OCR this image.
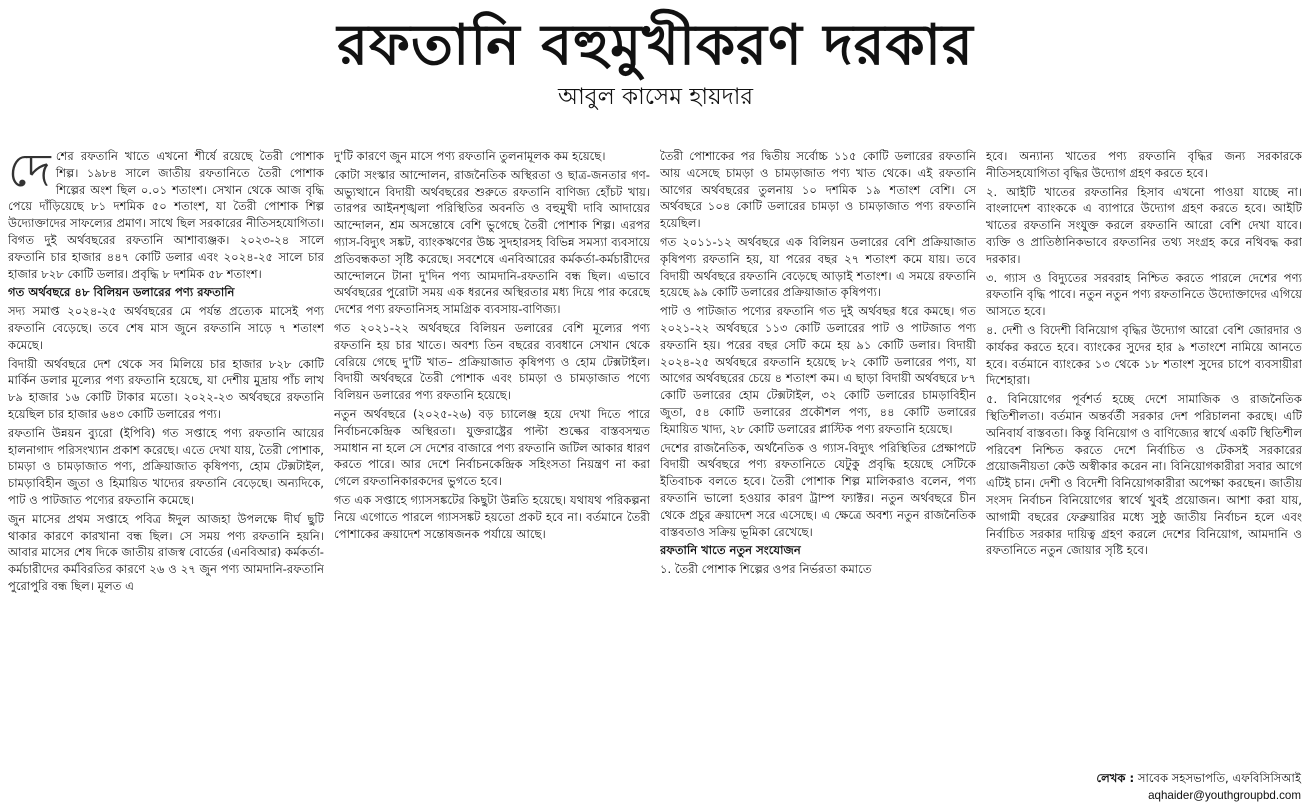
রফতানি বহুমুখীকরণ দরকার
আবুল কাসেম হায়দার
দে শের রফতানি খাতে এখনো শীর্ষে রয়েছে তৈরী পোশাক শিল্প। ১৯৮৪ সালে জাতীয় রফতানিতে তৈরী পোশাক শিল্পের অংশ ছিল ০.০১ শতাংশ। সেখান থেকে আজ বৃদ্ধি পেয়ে দাঁড়িয়েছে ৮১ দশমিক ৫০ শতাংশ, যা তৈরী পোশাক শিল্প উদ্যোক্তাদের সাফল্যের প্রমাণ। সাথে ছিল সরকারের নীতিসহযোগিতা। বিগত দুই অর্থবছরের রফতানি আশাব্যঞ্জক। ২০২৩-২৪ সালে রফতানি চার হাজার ৪৪৭ কোটি ডলার এবং ২০২৪-২৫ সালে চার হাজার ৮২৮ কোটি ডলার। প্রবৃদ্ধি ৮ দশমিক ৫৮ শতাংশ।

গত অর্থবছরে ৪৮ বিলিয়ন ডলারের পণ্য রফতানি

সদ্য সমাপ্ত ২০২৪-২৫ অর্থবছরের মে পর্যন্ত প্রত্যেক মাসেই পণ্য রফতানি বেড়েছে। তবে শেষ মাস জুনে রফতানি সাড়ে ৭ শতাংশ কমেছে।

বিদায়ী অর্থবছরে দেশ থেকে সব মিলিয়ে চার হাজার ৮২৮ কোটি মার্কিন ডলার মূল্যের পণ্য রফতানি হয়েছে, যা দেশীয় মুদ্রায় পাঁচ লাখ ৮৯ হাজার ১৬ কোটি টাকার মতো। ২০২২-২৩ অর্থবছরে রফতানি হয়েছিল চার হাজার ৬৪৩ কোটি ডলারের পণ্য।

রফতানি উন্নয়ন ব্যুরো (ইপিবি) গত সপ্তাহে পণ্য রফতানি আয়ের হালনাগাদ পরিসংখ্যান প্রকাশ করেছে। এতে দেখা যায়, তৈরী পোশাক, চামড়া ও চামড়াজাত পণ্য, প্রক্রিয়াজাত কৃষিপণ্য, হোম টেক্সটাইল, চামড়াবিহীন জুতা ও হিমায়িত খাদ্যের রফতানি বেড়েছে। অন্যদিকে, পাট ও পাটজাত পণ্যের রফতানি কমেছে।

জুন মাসের প্রথম সপ্তাহে পবিত্র ঈদুল আজহা উপলক্ষে দীর্ঘ ছুটি থাকার কারণে কারখানা বন্ধ ছিল। সে সময় পণ্য রফতানি হয়নি। আবার মাসের শেষ দিকে জাতীয় রাজস্ব বোর্ডের (এনবিআর) কর্মকর্তা-কর্মচারীদের কর্মবিরতির কারণে ২৬ ও ২৭ জুন পণ্য আমদানি-রফতানি পুরোপুরি বন্ধ ছিল। মূলত এ

দু'টি কারণে জুন মাসে পণ্য রফতানি তুলনামূলক কম হয়েছে।

কোটা সংস্কার আন্দোলন, রাজনৈতিক অস্থিরতা ও ছাত্র-জনতার গণ-অভ্যুত্থানে বিদায়ী অর্থবছরের শুরুতে রফতানি বাণিজ্য হোঁচট খায়। তারপর আইনশৃঙ্খলা পরিস্থিতির অবনতি ও বহুমুখী দাবি আদায়ের আন্দোলন, শ্রম অসন্তোষে বেশি ভুগেছে তৈরী পোশাক শিল্প। এরপর গ্যাস-বিদ্যুৎ সঙ্কট, ব্যাংকঋণের উচ্চ সুদহারসহ বিভিন্ন সমস্যা ব্যবসায়ে প্রতিবন্ধকতা সৃষ্টি করেছে। সবশেষে এনবিআরের কর্মকর্তা-কর্মচারীদের আন্দোলনে টানা দু'দিন পণ্য আমদানি-রফতানি বন্ধ ছিল। এভাবে অর্থবছরের পুরোটা সময় এক ধরনের অস্থিরতার মধ্য দিয়ে পার করেছে দেশের পণ্য রফতানিসহ সামগ্রিক ব্যবসায়-বাণিজ্য।

গত ২০২১-২২ অর্থবছরে বিলিয়ন ডলারের বেশি মূল্যের পণ্য রফতানি হয় চার খাতে। অবশ্য তিন বছরের ব্যবধানে সেখান থেকে বেরিয়ে গেছে দু'টি খাত– প্রক্রিয়াজাত কৃষিপণ্য ও হোম টেক্সটাইল। বিদায়ী অর্থবছরে তৈরী পোশাক এবং চামড়া ও চামড়াজাত পণ্যে বিলিয়ন ডলারের পণ্য রফতানি হয়েছে।

নতুন অর্থবছরে (২০২৫-২৬) বড় চ্যালেঞ্জ হয়ে দেখা দিতে পারে নির্বাচনকেন্দ্রিক অস্থিরতা। যুক্তরাষ্ট্রের পাল্টা শুল্কের বাস্তবসম্মত সমাধান না হলে সে দেশের বাজারে পণ্য রফতানি জটিল আকার ধারণ করতে পারে। আর দেশে নির্বাচনকেন্দ্রিক সহিংসতা নিয়ন্ত্রণ না করা গেলে রফতানিকারকদের ভুগতে হবে।

গত এক সপ্তাহে গ্যাসসঙ্কটের কিছুটা উন্নতি হয়েছে। যথাযথ পরিকল্পনা নিয়ে এগোতে পারলে গ্যাসসঙ্কট হয়তো প্রকট হবে না। বর্তমানে তৈরী পোশাকের ক্রয়াদেশ সন্তোষজনক পর্যায়ে আছে।

তৈরী পোশাকের পর দ্বিতীয় সর্বোচ্চ ১১৫ কোটি ডলারের রফতানি আয় এসেছে চামড়া ও চামড়াজাত পণ্য খাত থেকে। এই রফতানি আগের অর্থবছরের তুলনায় ১০ দশমিক ১৯ শতাংশ বেশি। সে অর্থবছরে ১০৪ কোটি ডলারের চামড়া ও চামড়াজাত পণ্য রফতানি হয়েছিল।

গত ২০১১-১২ অর্থবছরে এক বিলিয়ন ডলারের বেশি প্রক্রিয়াজাত কৃষিপণ্য রফতানি হয়, যা পরের বছর ২৭ শতাংশ কমে যায়। তবে বিদায়ী অর্থবছরে রফতানি বেড়েছে আড়াই শতাংশ। এ সময়ে রফতানি হয়েছে ৯৯ কোটি ডলারের প্রক্রিয়াজাত কৃষিপণ্য।

পাট ও পাটজাত পণ্যের রফতানি গত দুই অর্থবছর ধরে কমছে। গত ২০২১-২২ অর্থবছরে ১১৩ কোটি ডলারের পাট ও পাটজাত পণ্য রফতানি হয়। পরের বছর সেটি কমে হয় ৯১ কোটি ডলার। বিদায়ী ২০২৪-২৫ অর্থবছরে রফতানি হয়েছে ৮২ কোটি ডলারের পণ্য, যা আগের অর্থবছরের চেয়ে ৪ শতাংশ কম। এ ছাড়া বিদায়ী অর্থবছরে ৮৭ কোটি ডলারের হোম টেক্সটাইল, ৩২ কোটি ডলারের চামড়াবিহীন জুতা, ৫৪ কোটি ডলারের প্রকৌশল পণ্য, ৪৪ কোটি ডলারের হিমায়িত খাদ্য, ২৮ কোটি ডলারের প্লাস্টিক পণ্য রফতানি হয়েছে।

দেশের রাজনৈতিক, অর্থনৈতিক ও গ্যাস-বিদ্যুৎ পরিস্থিতির প্রেক্ষাপটে বিদায়ী অর্থবছরে পণ্য রফতানিতে যেটুকু প্রবৃদ্ধি হয়েছে সেটিকে ইতিবাচক বলতে হবে। তৈরী পোশাক শিল্প মালিকরাও বলেন, পণ্য রফতানি ভালো হওয়ার কারণ ট্রাম্প ফ্যাক্টর। নতুন অর্থবছরে চীন থেকে প্রচুর ক্রয়াদেশ সরে এসেছে। এ ক্ষেত্রে অবশ্য নতুন রাজনৈতিক বাস্তবতাও সক্রিয় ভূমিকা রেখেছে।

রফতানি খাতে নতুন সংযোজন

১. তৈরী পোশাক শিল্পের ওপর নির্ভরতা কমাতে

হবে। অন্যান্য খাতের পণ্য রফতানি বৃদ্ধির জন্য সরকারকে নীতিসহযোগিতা বৃদ্ধির উদ্যোগ গ্রহণ করতে হবে।

২. আইটি খাতের রফতানির হিসাব এখনো পাওয়া যাচ্ছে না। বাংলাদেশ ব্যাংককে এ ব্যাপারে উদ্যোগ গ্রহণ করতে হবে। আইটি খাতের রফতানি সংযুক্ত করলে রফতানি আরো বেশি দেখা যাবে। ব্যক্তি ও প্রাতিষ্ঠানিকভাবে রফতানির তথ্য সংগ্রহ করে নথিবদ্ধ করা দরকার।

৩. গ্যাস ও বিদ্যুতের সরবরাহ নিশ্চিত করতে পারলে দেশের পণ্য রফতানি বৃদ্ধি পাবে। নতুন নতুন পণ্য রফতানিতে উদ্যোক্তাদের এগিয়ে আসতে হবে।

৪. দেশী ও বিদেশী বিনিয়োগ বৃদ্ধির উদ্যোগ আরো বেশি জোরদার ও কার্যকর করতে হবে। ব্যাংকের সুদের হার ৯ শতাংশে নামিয়ে আনতে হবে। বর্তমানে ব্যাংকের ১৩ থেকে ১৮ শতাংশ সুদের চাপে ব্যবসায়ীরা দিশেহারা।

৫. বিনিয়োগের পূর্বশর্ত হচ্ছে দেশে সামাজিক ও রাজনৈতিক স্থিতিশীলতা। বর্তমান অন্তর্বর্তী সরকার দেশ পরিচালনা করছে। এটি অনিবার্য বাস্তবতা। কিন্তু বিনিয়োগ ও বাণিজ্যের স্বার্থে একটি স্থিতিশীল পরিবেশ নিশ্চিত করতে দেশে নির্বাচিত ও টেকসই সরকারের প্রয়োজনীয়তা কেউ অস্বীকার করেন না। বিনিয়োগকারীরা সবার আগে এটিই চান। দেশী ও বিদেশী বিনিয়োগকারীরা অপেক্ষা করছেন। জাতীয় সংসদ নির্বাচন বিনিয়োগের স্বার্থে খুবই প্রয়োজন। আশা করা যায়, আগামী বছরের ফেব্রুয়ারির মধ্যে সুষ্ঠু জাতীয় নির্বাচন হলে এবং নির্বাচিত সরকার দায়িত্ব গ্রহণ করলে দেশের বিনিয়োগ, আমদানি ও রফতানিতে নতুন জোয়ার সৃষ্টি হবে।

লেখক : সাবেক সহসভাপতি, এফবিসিসিআই
aqhaider@youthgroupbd.com
